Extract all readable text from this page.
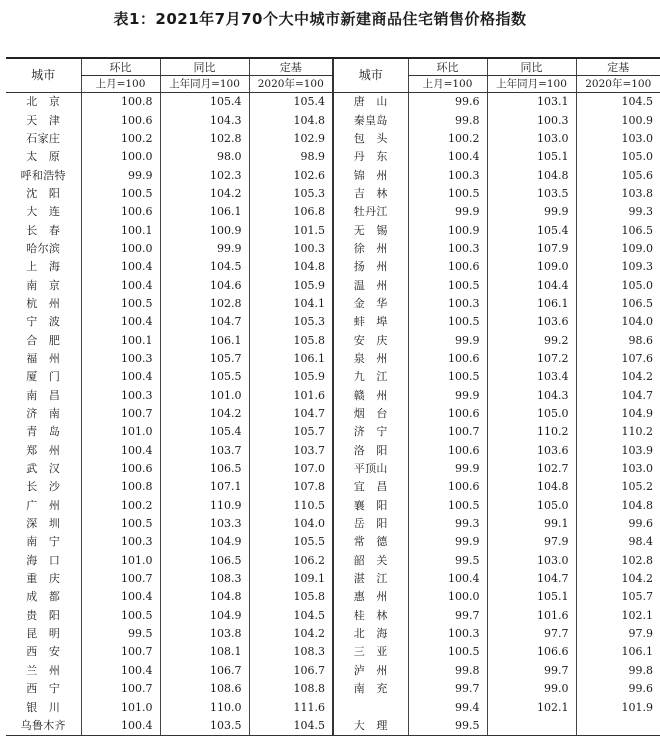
表1：2021年7月70个大中城市新建商品住宅销售价格指数
城市	环比	同比	定基	城市	环比	同比	定基
	上月=100	上年同月=100	2020年=100		上月=100	上年同月=100	2020年=100
北　京	100.8	105.4	105.4	唐　山	99.6	103.1	104.5
天　津	100.6	104.3	104.8	秦皇岛	99.8	100.3	100.9
石家庄	100.2	102.8	102.9	包　头	100.2	103.0	103.0
太　原	100.0	98.0	98.9	丹　东	100.4	105.1	105.0
呼和浩特	99.9	102.3	102.6	锦　州	100.3	104.8	105.6
沈　阳	100.5	104.2	105.3	吉　林	100.5	103.5	103.8
大　连	100.6	106.1	106.8	牡丹江	99.9	99.9	99.3
长　春	100.1	100.9	101.5	无　锡	100.9	105.4	106.5
哈尔滨	100.0	99.9	100.3	徐　州	100.3	107.9	109.0
上　海	100.4	104.5	104.8	扬　州	100.6	109.0	109.3
南　京	100.4	104.6	105.9	温　州	100.5	104.4	105.0
杭　州	100.5	102.8	104.1	金　华	100.3	106.1	106.5
宁　波	100.4	104.7	105.3	蚌　埠	100.5	103.6	104.0
合　肥	100.1	106.1	105.8	安　庆	99.9	99.2	98.6
福　州	100.3	105.7	106.1	泉　州	100.6	107.2	107.6
厦　门	100.4	105.5	105.9	九　江	100.5	103.4	104.2
南　昌	100.3	101.0	101.6	赣　州	99.9	104.3	104.7
济　南	100.7	104.2	104.7	烟　台	100.6	105.0	104.9
青　岛	101.0	105.4	105.7	济　宁	100.7	110.2	110.2
郑　州	100.4	103.7	103.7	洛　阳	100.6	103.6	103.9
武　汉	100.6	106.5	107.0	平顶山	99.9	102.7	103.0
长　沙	100.8	107.1	107.8	宜　昌	100.6	104.8	105.2
广　州	100.2	110.9	110.5	襄　阳	100.5	105.0	104.8
深　圳	100.5	103.3	104.0	岳　阳	99.3	99.1	99.6
南　宁	100.3	104.9	105.5	常　德	99.9	97.9	98.4
海　口	101.0	106.5	106.2	韶　关	99.5	103.0	102.8
重　庆	100.7	108.3	109.1	湛　江	100.4	104.7	104.2
成　都	100.4	104.8	105.8	惠　州	100.0	105.1	105.7
贵　阳	100.5	104.9	104.5	桂　林	99.7	101.6	102.1
昆　明	99.5	103.8	104.2	北　海	100.3	97.7	97.9
西　安	100.7	108.1	108.3	三　亚	100.5	106.6	106.1
兰　州	100.4	106.7	106.7	泸　州	99.8	99.7	99.8
西　宁	100.7	108.6	108.8	南　充	99.7	99.0	99.6
银　川	101.0	110.0	111.6		99.4	102.1	101.9
乌鲁木齐	100.4	103.5	104.5	大　理	99.5		
